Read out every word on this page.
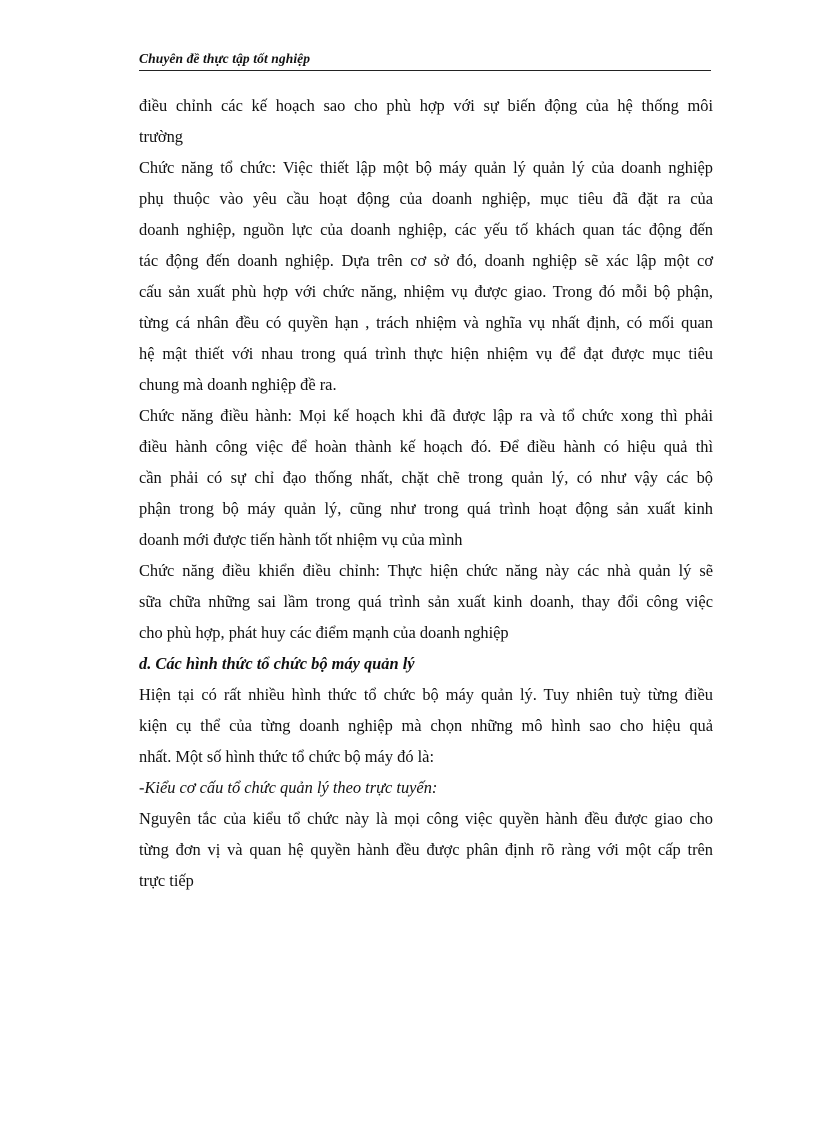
Chuyên đề thực tập tốt nghiệp
điều chỉnh các kế hoạch sao cho phù hợp với sự biến động của hệ thống môi
trường
Chức năng tổ chức: Việc thiết lập một bộ máy quản lý quản lý của doanh nghiệp
phụ thuộc vào yêu cầu hoạt động của doanh nghiệp, mục tiêu đã đặt ra của
doanh nghiệp, nguồn lực của doanh nghiệp, các yếu tố khách quan tác động đến
tác động đến doanh nghiệp. Dựa trên cơ sở đó, doanh nghiệp sẽ xác lập một cơ
cấu sản xuất phù hợp với chức năng, nhiệm vụ được giao. Trong đó mỗi bộ phận,
từng cá nhân đều có quyền hạn , trách nhiệm và nghĩa vụ nhất định, có mối quan
hệ mật thiết với nhau trong quá trình thực hiện nhiệm vụ để đạt được mục tiêu
chung mà doanh nghiệp đề ra.
Chức năng điều hành: Mọi kế hoạch khi đã được lập ra và tổ chức xong thì phải
điều hành công việc để hoàn thành kế hoạch đó. Để điều hành có hiệu quả thì
cần phải có sự chỉ đạo thống nhất, chặt chẽ trong quản lý, có như vậy các bộ
phận trong bộ máy quản lý, cũng như trong quá trình hoạt động sản xuất kinh
doanh mới được tiến hành tốt nhiệm vụ của mình
Chức năng điều khiển điều chỉnh: Thực hiện chức năng này các nhà quản lý sẽ
sữa chữa những sai lầm trong quá trình sản xuất kinh doanh, thay đổi công việc
cho phù hợp, phát huy các điểm mạnh của doanh nghiệp
d. Các hình thức tổ chức bộ máy quản lý
Hiện tại có rất nhiều hình thức tổ chức bộ máy quản lý. Tuy nhiên tuỳ từng điều
kiện cụ thể của từng doanh nghiệp mà chọn những mô hình sao cho hiệu quả
nhất. Một số hình thức tổ chức bộ máy đó là:
-Kiểu cơ cấu tổ chức quản lý theo trực tuyến:
Nguyên tắc của kiểu tổ chức này là mọi công việc quyền hành đều được giao cho
từng đơn vị và quan hệ quyền hành đều được phân định rõ ràng với một cấp trên
trực tiếp
